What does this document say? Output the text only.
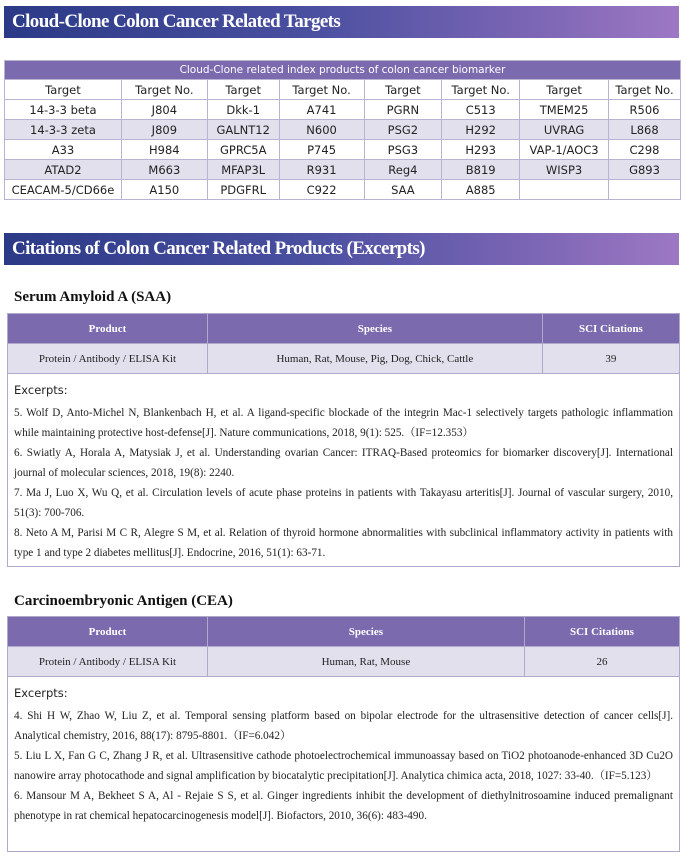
Cloud-Clone Colon Cancer Related Targets
Cloud-Clone related index products of colon cancer biomarker							
Target	Target No.	Target	Target No.	Target	Target No.	Target	Target No.
14-3-3 beta	J804	Dkk-1	A741	PGRN	C513	TMEM25	R506
14-3-3 zeta	J809	GALNT12	N600	PSG2	H292	UVRAG	L868
A33	H984	GPRC5A	P745	PSG3	H293	VAP-1/AOC3	C298
ATAD2	M663	MFAP3L	R931	Reg4	B819	WISP3	G893
CEACAM-5/CD66e	A150	PDGFRL	C922	SAA	A885		
Citations of Colon Cancer Related Products (Excerpts)
Serum Amyloid A (SAA)
Product	Species	SCI Citations
Protein / Antibody / ELISA Kit	Human, Rat, Mouse, Pig, Dog, Chick, Cattle	39
Excerpts:
5. Wolf D, Anto-Michel N, Blankenbach H, et al. A ligand-specific blockade of the integrin Mac-1 selectively targets pathologic inflammation while maintaining protective host-defense[J]. Nature communications, 2018, 9(1): 525.（IF=12.353）
6. Swiatly A, Horala A, Matysiak J, et al. Understanding ovarian Cancer: ITRAQ-Based proteomics for biomarker discovery[J]. International journal of molecular sciences, 2018, 19(8): 2240.
7. Ma J, Luo X, Wu Q, et al. Circulation levels of acute phase proteins in patients with Takayasu arteritis[J]. Journal of vascular surgery, 2010, 51(3): 700-706.
8. Neto A M, Parisi M C R, Alegre S M, et al. Relation of thyroid hormone abnormalities with subclinical inflammatory activity in patients with type 1 and type 2 diabetes mellitus[J]. Endocrine, 2016, 51(1): 63-71.
Carcinoembryonic Antigen (CEA)
Product	Species	SCI Citations
Protein / Antibody / ELISA Kit	Human, Rat, Mouse	26
Excerpts:
4. Shi H W, Zhao W, Liu Z, et al. Temporal sensing platform based on bipolar electrode for the ultrasensitive detection of cancer cells[J]. Analytical chemistry, 2016, 88(17): 8795-8801.（IF=6.042）
5. Liu L X, Fan G C, Zhang J R, et al. Ultrasensitive cathode photoelectrochemical immunoassay based on TiO2 photoanode-enhanced 3D Cu2O nanowire array photocathode and signal amplification by biocatalytic precipitation[J]. Analytica chimica acta, 2018, 1027: 33-40.（IF=5.123）
6. Mansour M A, Bekheet S A, Al - Rejaie S S, et al. Ginger ingredients inhibit the development of diethylnitrosoamine induced premalignant phenotype in rat chemical hepatocarcinogenesis model[J]. Biofactors, 2010, 36(6): 483-490.
